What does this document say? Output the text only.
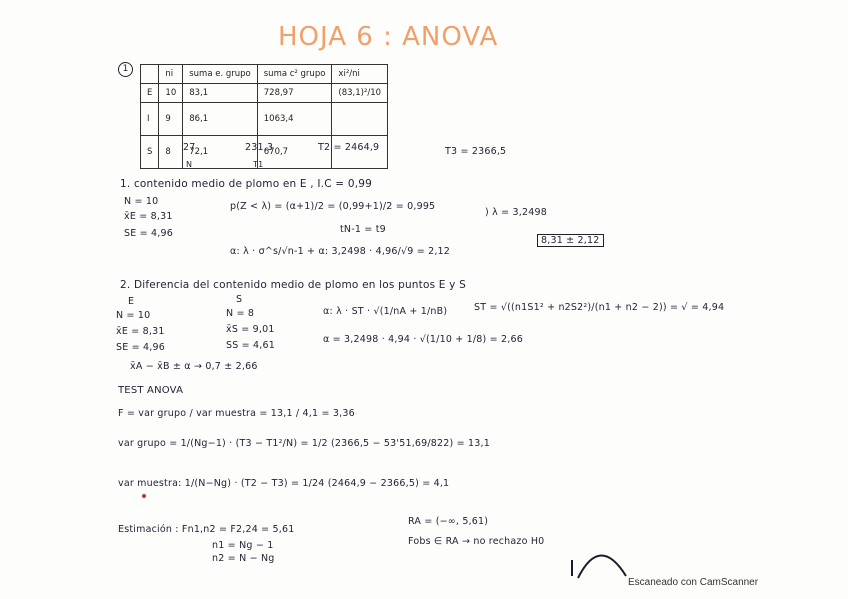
HOJA 6 : ANOVA
1
		ni	suma e. grupo	suma c² grupo	xi²/ni
E	10	83,1	728,97	(83,1)²/10
I	9	86,1	1063,4	
S	8	72,1	670,7	
27	231,3	T2 = 2464,9	T3 = 2366,5
N	T1
1. contenido medio de plomo en E , I.C = 0,99
N = 10
x̄E = 8,31
SE = 4,96
p(Z < λ) = (α+1)/2 = (0,99+1)/2 = 0,995
) λ = 3,2498
tN-1 = t9
α: λ · σ^s/√n-1 + α: 3,2498 · 4,96/√9 = 2,12
8,31 ± 2,12
2. Diferencia del contenido medio de plomo en los puntos E y S
E
N = 10
x̄E = 8,31
SE = 4,96
S
N = 8
x̄S = 9,01
SS = 4,61
α: λ · ST · √(1/nA + 1/nB)	ST = √((n1S1² + n2S2²)/(n1 + n2 − 2)) = √ = 4,94
α = 3,2498 · 4,94 · √(1/10 + 1/8) = 2,66
x̄A − x̄B ± α → 0,7 ± 2,66
TEST ANOVA
F = var grupo / var muestra = 13,1 / 4,1 = 3,36
var grupo = 1/(Ng−1) · (T3 − T1²/N) = 1/2 (2366,5 − 53'51,69/822) = 13,1
var muestra: 1/(N−Ng) · (T2 − T3) = 1/24 (2464,9 − 2366,5) = 4,1
Estimación : Fn1,n2 = F2,24 = 5,61
n1 = Ng − 1
n2 = N − Ng
RA = (−∞, 5,61)
Fobs ∈ RA → no rechazo H0
Escaneado con CamScanner
